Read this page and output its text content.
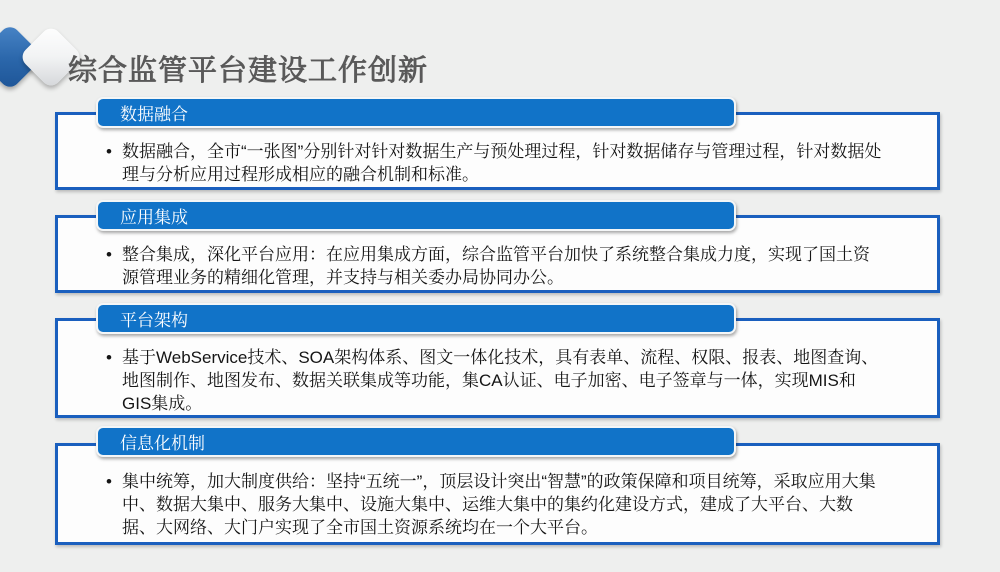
综合监管平台建设工作创新
数据融合

• 数据融合，全市“一张图”分别针对针对数据生产与预处理过程，针对数据储存与管理过程，针对数据处理与分析应用过程形成相应的融合机制和标准。

应用集成

• 整合集成，深化平台应用：在应用集成方面，综合监管平台加快了系统整合集成力度，实现了国土资源管理业务的精细化管理，并支持与相关委办局协同办公。

平台架构

• 基于WebService技术、SOA架构体系、图文一体化技术，具有表单、流程、权限、报表、地图查询、地图制作、地图发布、数据关联集成等功能，集CA认证、电子加密、电子签章与一体，实现MIS和GIS集成。

信息化机制

• 集中统筹，加大制度供给：坚持“五统一”，顶层设计突出“智慧”的政策保障和项目统筹，采取应用大集中、数据大集中、服务大集中、设施大集中、运维大集中的集约化建设方式，建成了大平台、大数据、大网络、大门户实现了全市国土资源系统均在一个大平台。
